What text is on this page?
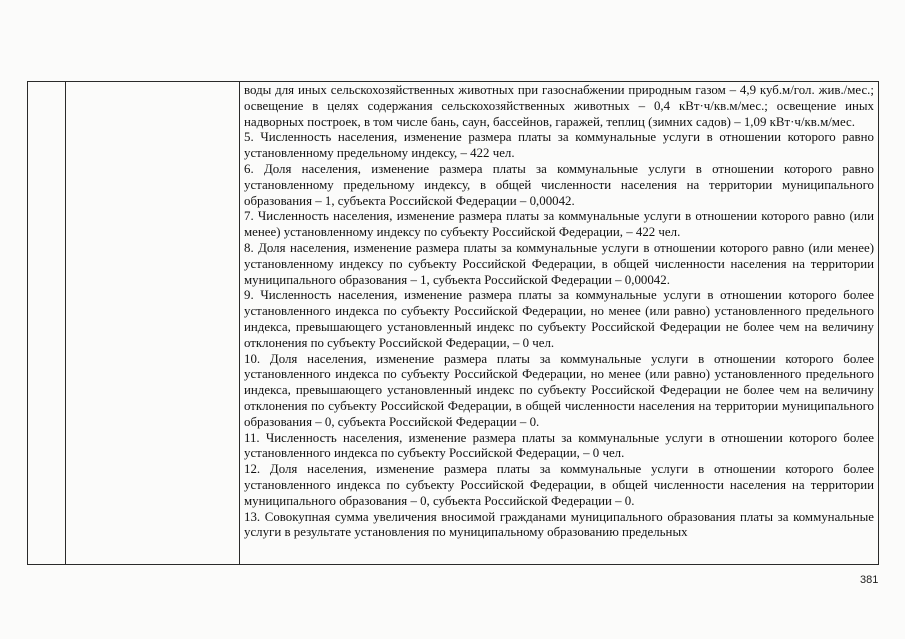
воды для иных сельскохозяйственных животных при газоснабжении природным газом – 4,9 куб.м/гол. жив./мес.; освещение в целях содержания сельскохозяйственных животных – 0,4 кВт·ч/кв.м/мес.; освещение иных надворных построек, в том числе бань, саун, бассейнов, гаражей, теплиц (зимних садов) – 1,09 кВт·ч/кв.м/мес.

5. Численность населения, изменение размера платы за коммунальные услуги в отношении которого равно установленному предельному индексу, – 422 чел.

6. Доля населения, изменение размера платы за коммунальные услуги в отношении которого равно установленному предельному индексу, в общей численности населения на территории муниципального образования – 1, субъекта Российской Федерации – 0,00042.

7. Численность населения, изменение размера платы за коммунальные услуги в отношении которого равно (или менее) установленному индексу по субъекту Российской Федерации, – 422 чел.

8. Доля населения, изменение размера платы за коммунальные услуги в отношении которого равно (или менее) установленному индексу по субъекту Российской Федерации, в общей численности населения на территории муниципального образования – 1, субъекта Российской Федерации – 0,00042.

9. Численность населения, изменение размера платы за коммунальные услуги в отношении которого более установленного индекса по субъекту Российской Федерации, но менее (или равно) установленного предельного индекса, превышающего установленный индекс по субъекту Российской Федерации не более чем на величину отклонения по субъекту Российской Федерации, – 0 чел.

10. Доля населения, изменение размера платы за коммунальные услуги в отношении которого более установленного индекса по субъекту Российской Федерации, но менее (или равно) установленного предельного индекса, превышающего установленный индекс по субъекту Российской Федерации не более чем на величину отклонения по субъекту Российской Федерации, в общей численности населения на территории муниципального образования – 0, субъекта Российской Федерации – 0.

11. Численность населения, изменение размера платы за коммунальные услуги в отношении которого более установленного индекса по субъекту Российской Федерации, – 0 чел.

12. Доля населения, изменение размера платы за коммунальные услуги в отношении которого более установленного индекса по субъекту Российской Федерации, в общей численности населения на территории муниципального образования – 0, субъекта Российской Федерации – 0.

13. Совокупная сумма увеличения вносимой гражданами муниципального образования платы за коммунальные услуги в результате установления по муниципальному образованию предельных

381
